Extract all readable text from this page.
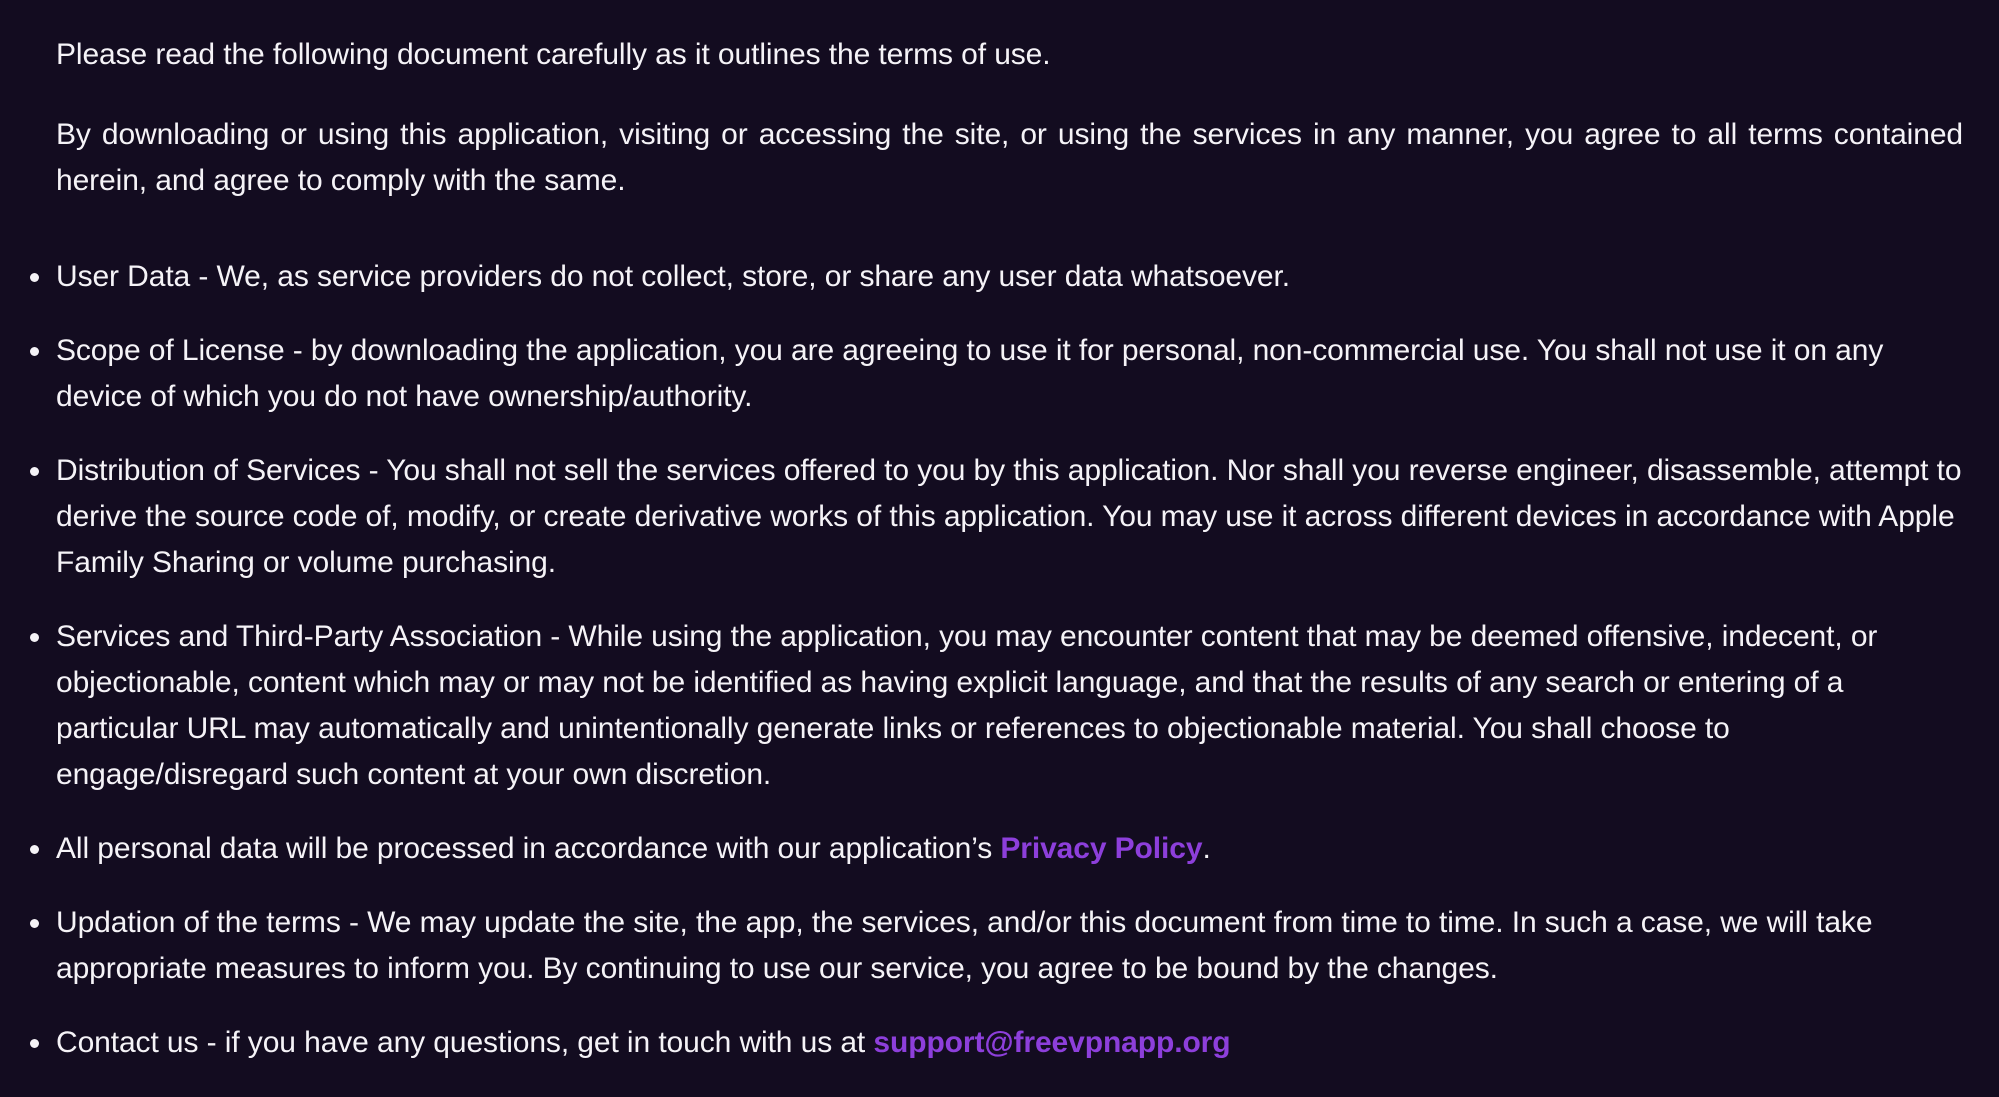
Please read the following document carefully as it outlines the terms of use.

By downloading or using this application, visiting or accessing the site, or using the services in any manner, you agree to all terms contained herein, and agree to comply with the same.

User Data - We, as service providers do not collect, store, or share any user data whatsoever.
Scope of License - by downloading the application, you are agreeing to use it for personal, non-commercial use. You shall not use it on any device of which you do not have ownership/authority.
Distribution of Services - You shall not sell the services offered to you by this application. Nor shall you reverse engineer, disassemble, attempt to derive the source code of, modify, or create derivative works of this application. You may use it across different devices in accordance with Apple Family Sharing or volume purchasing.
Services and Third-Party Association - While using the application, you may encounter content that may be deemed offensive, indecent, or objectionable, content which may or may not be identified as having explicit language, and that the results of any search or entering of a particular URL may automatically and unintentionally generate links or references to objectionable material. You shall choose to engage/disregard such content at your own discretion.
All personal data will be processed in accordance with our application’s Privacy Policy.
Updation of the terms - We may update the site, the app, the services, and/or this document from time to time. In such a case, we will take appropriate measures to inform you. By continuing to use our service, you agree to be bound by the changes.
Contact us - if you have any questions, get in touch with us at support@freevpnapp.org
